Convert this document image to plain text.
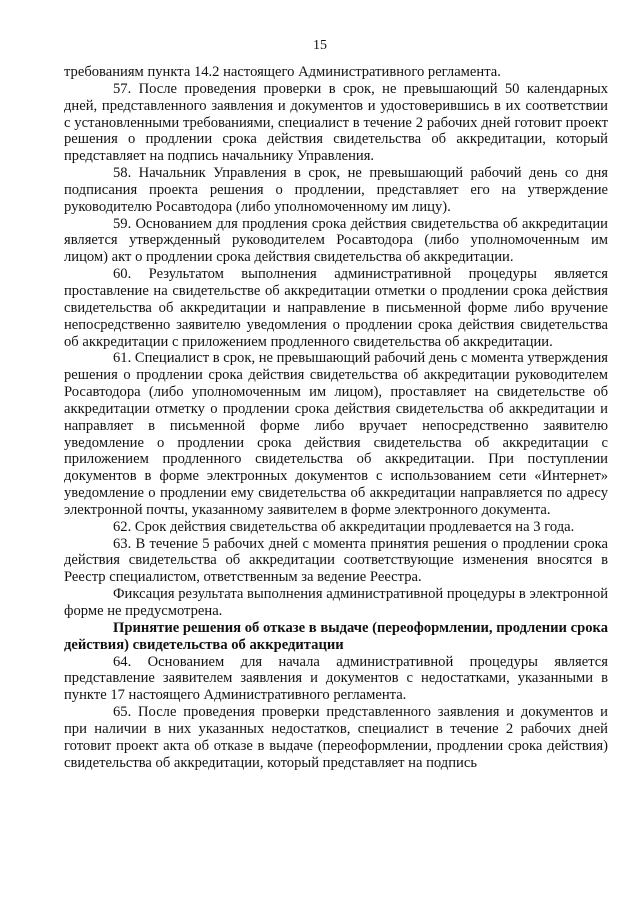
15

требованиям пункта 14.2 настоящего Административного регламента.

57. После проведения проверки в срок, не превышающий 50 календарных дней, представленного заявления и документов и удостоверившись в их соответствии с установленными требованиями, специалист в течение 2 рабочих дней готовит проект решения о продлении срока действия свидетельства об аккредитации, который представляет на подпись начальнику Управления.

58. Начальник Управления в срок, не превышающий рабочий день со дня подписания проекта решения о продлении, представляет его на утверждение руководителю Росавтодора (либо уполномоченному им лицу).

59. Основанием для продления срока действия свидетельства об аккредитации является утвержденный руководителем Росавтодора (либо уполномоченным им лицом) акт о продлении срока действия свидетельства об аккредитации.

60. Результатом выполнения административной процедуры является проставление на свидетельстве об аккредитации отметки о продлении срока действия свидетельства об аккредитации и направление в письменной форме либо вручение непосредственно заявителю уведомления о продлении срока действия свидетельства об аккредитации с приложением продленного свидетельства об аккредитации.

61. Специалист в срок, не превышающий рабочий день с момента утверждения решения о продлении срока действия свидетельства об аккредитации руководителем Росавтодора (либо уполномоченным им лицом), проставляет на свидетельстве об аккредитации отметку о продлении срока действия свидетельства об аккредитации и направляет в письменной форме либо вручает непосредственно заявителю уведомление о продлении срока действия свидетельства об аккредитации с приложением продленного свидетельства об аккредитации. При поступлении документов в форме электронных документов с использованием сети «Интернет» уведомление о продлении ему свидетельства об аккредитации направляется по адресу электронной почты, указанному заявителем в форме электронного документа.

62. Срок действия свидетельства об аккредитации продлевается на 3 года.

63. В течение 5 рабочих дней с момента принятия решения о продлении срока действия свидетельства об аккредитации соответствующие изменения вносятся в Реестр специалистом, ответственным за ведение Реестра.

Фиксация результата выполнения административной процедуры в электронной форме не предусмотрена.

Принятие решения об отказе в выдаче (переоформлении, продлении срока действия) свидетельства об аккредитации

64. Основанием для начала административной процедуры является представление заявителем заявления и документов с недостатками, указанными в пункте 17 настоящего Административного регламента.

65. После проведения проверки представленного заявления и документов и при наличии в них указанных недостатков, специалист в течение 2 рабочих дней готовит проект акта об отказе в выдаче (переоформлении, продлении срока действия) свидетельства об аккредитации, который представляет на подпись
